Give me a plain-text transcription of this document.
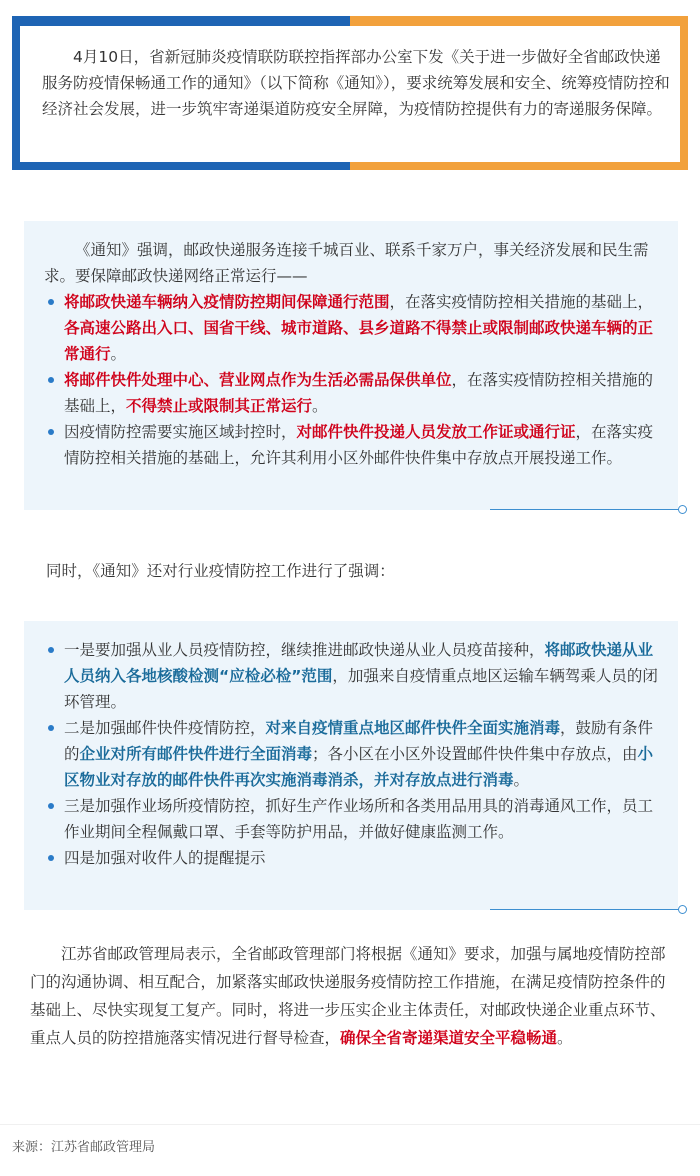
4月10日，省新冠肺炎疫情联防联控指挥部办公室下发《关于进一步做好全省邮政快递服务防疫情保畅通工作的通知》（以下简称《通知》），要求统筹发展和安全、统筹疫情防控和经济社会发展，进一步筑牢寄递渠道防疫安全屏障，为疫情防控提供有力的寄递服务保障。

《通知》强调，邮政快递服务连接千城百业、联系千家万户，事关经济发展和民生需求。要保障邮政快递网络正常运行——

将邮政快递车辆纳入疫情防控期间保障通行范围，在落实疫情防控相关措施的基础上，各高速公路出入口、国省干线、城市道路、县乡道路不得禁止或限制邮政快递车辆的正常通行。
将邮件快件处理中心、营业网点作为生活必需品保供单位，在落实疫情防控相关措施的基础上，不得禁止或限制其正常运行。
因疫情防控需要实施区域封控时，对邮件快件投递人员发放工作证或通行证，在落实疫情防控相关措施的基础上，允许其利用小区外邮件快件集中存放点开展投递工作。

同时，《通知》还对行业疫情防控工作进行了强调：

一是要加强从业人员疫情防控，继续推进邮政快递从业人员疫苗接种，将邮政快递从业人员纳入各地核酸检测“应检必检”范围，加强来自疫情重点地区运输车辆驾乘人员的闭环管理。
二是加强邮件快件疫情防控，对来自疫情重点地区邮件快件全面实施消毒，鼓励有条件的企业对所有邮件快件进行全面消毒；各小区在小区外设置邮件快件集中存放点，由小区物业对存放的邮件快件再次实施消毒消杀，并对存放点进行消毒。
三是加强作业场所疫情防控，抓好生产作业场所和各类用品用具的消毒通风工作，员工作业期间全程佩戴口罩、手套等防护用品，并做好健康监测工作。
四是加强对收件人的提醒提示

江苏省邮政管理局表示，全省邮政管理部门将根据《通知》要求，加强与属地疫情防控部门的沟通协调、相互配合，加紧落实邮政快递服务疫情防控工作措施，在满足疫情防控条件的基础上、尽快实现复工复产。同时，将进一步压实企业主体责任，对邮政快递企业重点环节、重点人员的防控措施落实情况进行督导检查，确保全省寄递渠道安全平稳畅通。

来源：江苏省邮政管理局
